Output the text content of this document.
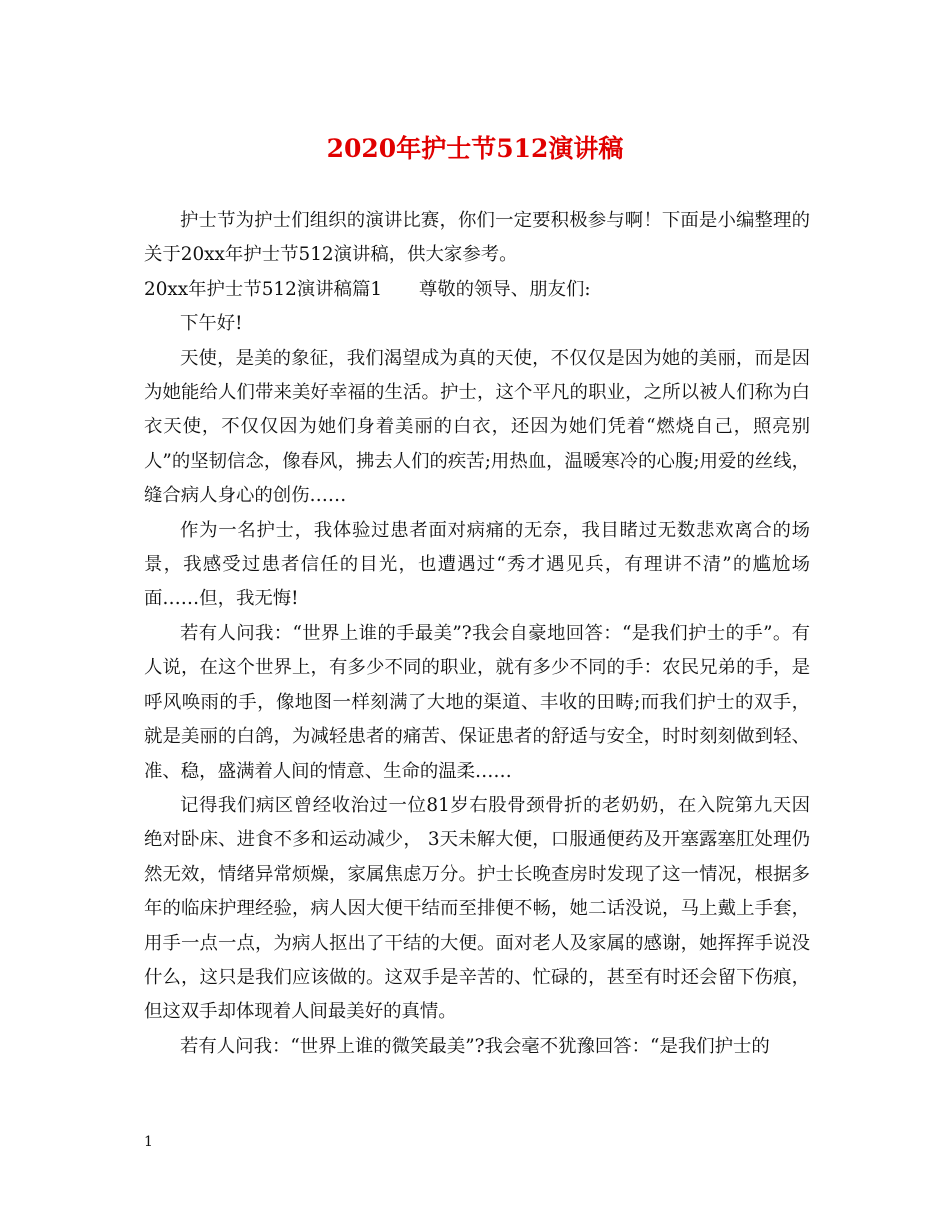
2020年护士节512演讲稿

护士节为护士们组织的演讲比赛，你们一定要积极参与啊！下面是小编整理的关于20xx年护士节512演讲稿，供大家参考。

20xx年护士节512演讲稿篇1　　尊敬的领导、朋友们:

下午好!

天使，是美的象征，我们渴望成为真的天使，不仅仅是因为她的美丽，而是因为她能给人们带来美好幸福的生活。护士，这个平凡的职业，之所以被人们称为白衣天使，不仅仅因为她们身着美丽的白衣，还因为她们凭着“燃烧自己，照亮别人”的坚韧信念，像春风，拂去人们的疾苦;用热血，温暖寒冷的心腹;用爱的丝线，缝合病人身心的创伤……

作为一名护士，我体验过患者面对病痛的无奈，我目睹过无数悲欢离合的场景，我感受过患者信任的目光，也遭遇过“秀才遇见兵，有理讲不清”的尴尬场面……但，我无悔!

若有人问我：“世界上谁的手最美”?我会自豪地回答：“是我们护士的手”。有人说，在这个世界上，有多少不同的职业，就有多少不同的手：农民兄弟的手，是呼风唤雨的手，像地图一样刻满了大地的渠道、丰收的田畴;而我们护士的双手，就是美丽的白鸽，为减轻患者的痛苦、保证患者的舒适与安全，时时刻刻做到轻、准、稳，盛满着人间的情意、生命的温柔……

记得我们病区曾经收治过一位81岁右股骨颈骨折的老奶奶，在入院第九天因绝对卧床、进食不多和运动减少， 3天未解大便，口服通便药及开塞露塞肛处理仍然无效，情绪异常烦燥，家属焦虑万分。护士长晚查房时发现了这一情况，根据多年的临床护理经验，病人因大便干结而至排便不畅，她二话没说，马上戴上手套，用手一点一点，为病人抠出了干结的大便。面对老人及家属的感谢，她挥挥手说没什么，这只是我们应该做的。这双手是辛苦的、忙碌的，甚至有时还会留下伤痕，但这双手却体现着人间最美好的真情。

若有人问我：“世界上谁的微笑最美”?我会毫不犹豫回答：“是我们护士的

1
